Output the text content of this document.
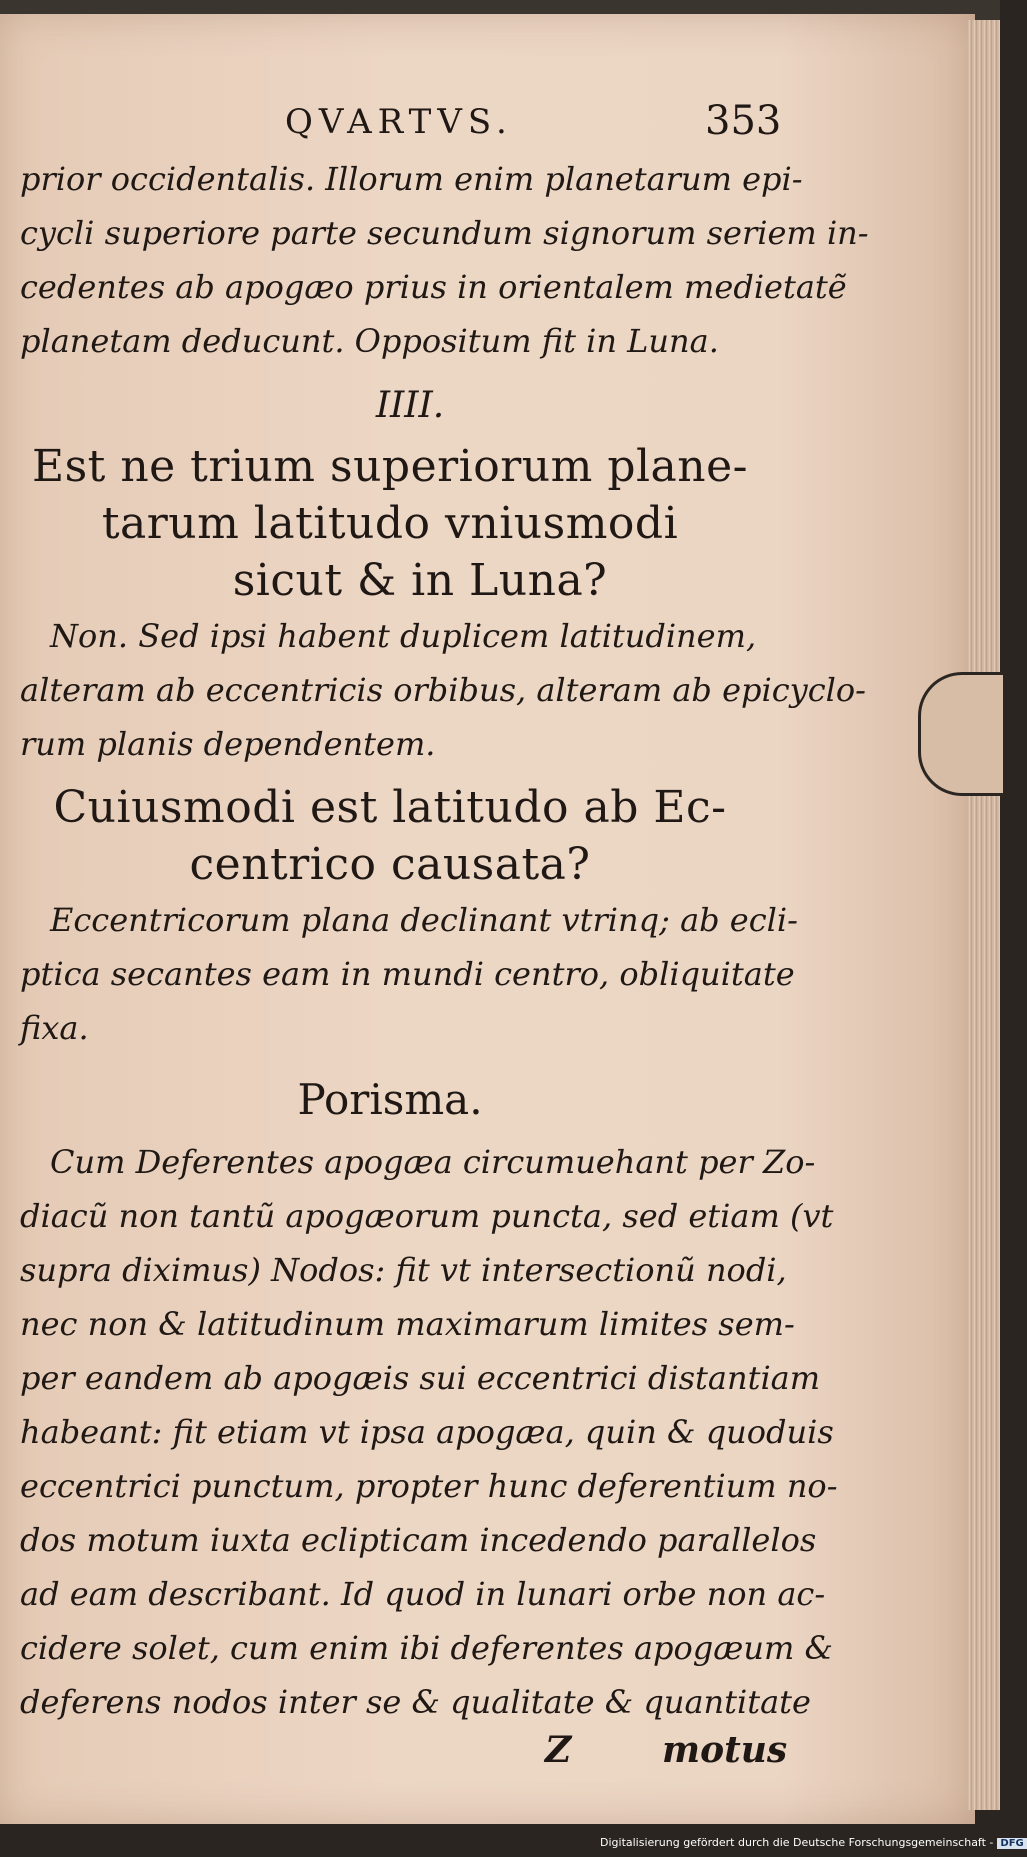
QVARTVS.	353
prior occidentalis. Illorum enim planetarum epi-
cycli superiore parte secundum signorum seriem in-
cedentes ab apogæo prius in orientalem medietatẽ
planetam deducunt. Oppositum fit in Luna.
IIII.
Est ne trium superiorum plane-
tarum latitudo vniusmodi
sicut & in Luna?
Non. Sed ipsi habent duplicem latitudinem,
alteram ab eccentricis orbibus, alteram ab epicyclo-
rum planis dependentem.
Cuiusmodi est latitudo ab Ec-
centrico causata?
Eccentricorum plana declinant vtrinq; ab ecli-
ptica secantes eam in mundi centro, obliquitate
fixa.
Porisma.
Cum Deferentes apogæa circumuehant per Zo-
diacũ non tantũ apogæorum puncta, sed etiam (vt
supra diximus) Nodos: fit vt intersectionũ nodi,
nec non & latitudinum maximarum limites sem-
per eandem ab apogæis sui eccentrici distantiam
habeant: fit etiam vt ipsa apogæa, quin & quoduis
eccentrici punctum, propter hunc deferentium no-
dos motum iuxta eclipticam incedendo parallelos
ad eam describant. Id quod in lunari orbe non ac-
cidere solet, cum enim ibi deferentes apogæum &
deferens nodos inter se & qualitate & quantitate
Z	motus
Digitalisierung gefördert durch die Deutsche Forschungsgemeinschaft - DFG
